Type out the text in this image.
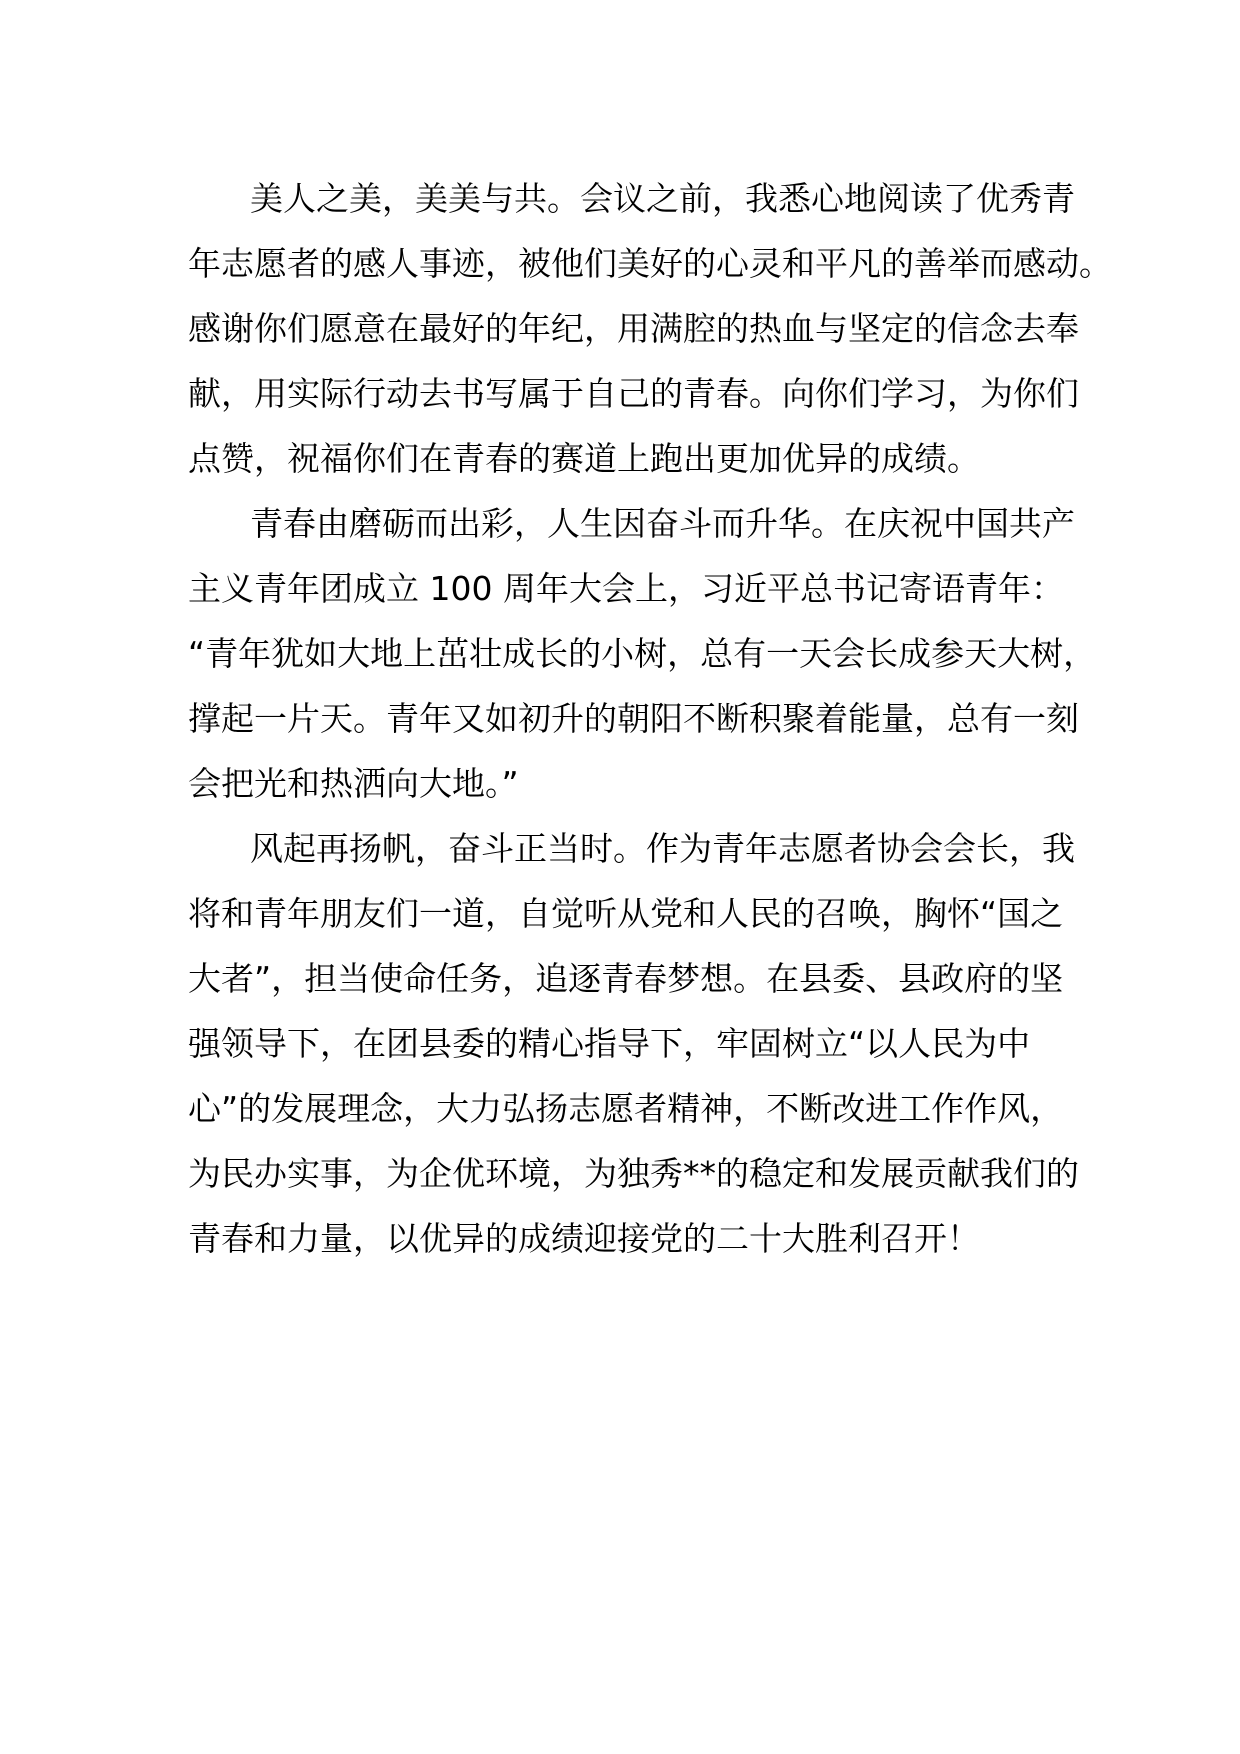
美人之美，美美与共。会议之前，我悉心地阅读了优秀青
年志愿者的感人事迹，被他们美好的心灵和平凡的善举而感动。
感谢你们愿意在最好的年纪，用满腔的热血与坚定的信念去奉
献，用实际行动去书写属于自己的青春。向你们学习，为你们
点赞，祝福你们在青春的赛道上跑出更加优异的成绩。
青春由磨砺而出彩，人生因奋斗而升华。在庆祝中国共产
主义青年团成立 100 周年大会上，习近平总书记寄语青年：
“青年犹如大地上茁壮成长的小树，总有一天会长成参天大树，
撑起一片天。青年又如初升的朝阳不断积聚着能量，总有一刻
会把光和热洒向大地。”
风起再扬帆，奋斗正当时。作为青年志愿者协会会长，我
将和青年朋友们一道，自觉听从党和人民的召唤，胸怀“国之
大者”，担当使命任务，追逐青春梦想。在县委、县政府的坚
强领导下，在团县委的精心指导下，牢固树立“以人民为中
心”的发展理念，大力弘扬志愿者精神，不断改进工作作风，
为民办实事，为企优环境，为独秀**的稳定和发展贡献我们的
青春和力量，以优异的成绩迎接党的二十大胜利召开！
